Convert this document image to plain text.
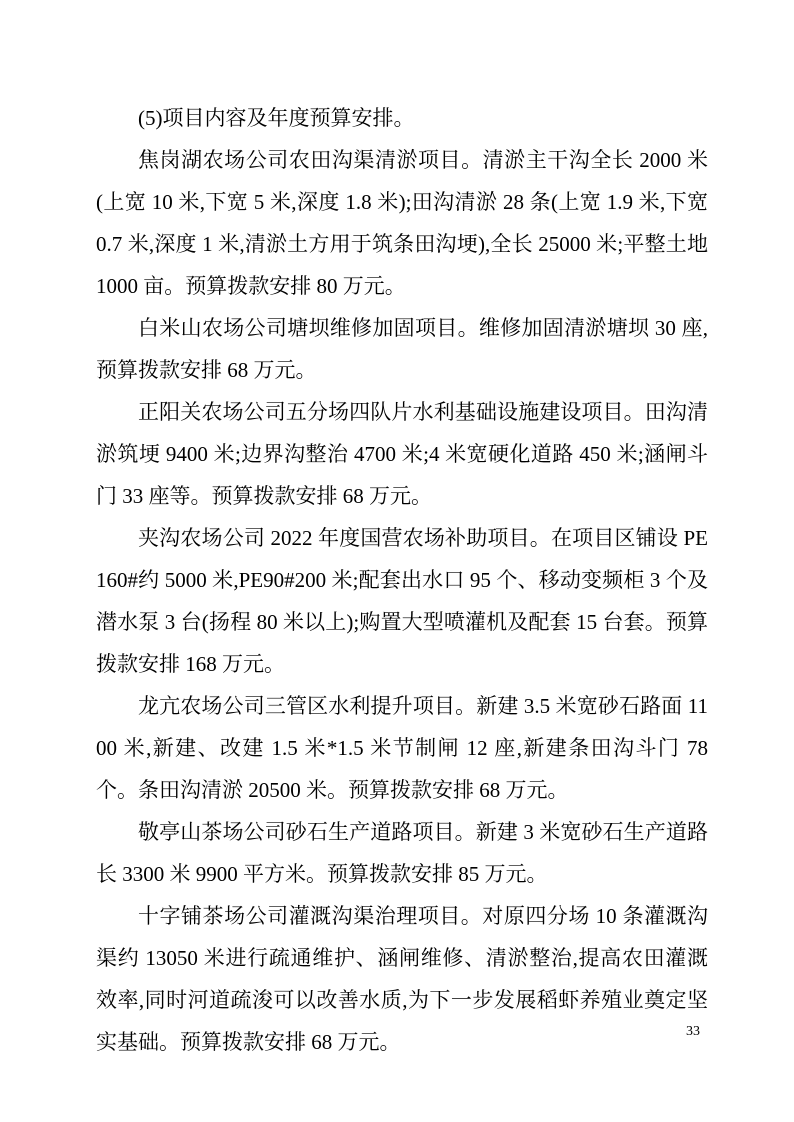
(5)项目内容及年度预算安排。

焦岗湖农场公司农田沟渠清淤项目。清淤主干沟全长 2000 米(上宽 10 米,下宽 5 米,深度 1.8 米);田沟清淤 28 条(上宽 1.9 米,下宽 0.7 米,深度 1 米,清淤土方用于筑条田沟埂),全长 25000 米;平整土地 1000 亩。预算拨款安排 80 万元。

白米山农场公司塘坝维修加固项目。维修加固清淤塘坝 30 座,预算拨款安排 68 万元。

正阳关农场公司五分场四队片水利基础设施建设项目。田沟清淤筑埂 9400 米;边界沟整治 4700 米;4 米宽硬化道路 450 米;涵闸斗门 33 座等。预算拨款安排 68 万元。

夹沟农场公司 2022 年度国营农场补助项目。在项目区铺设 PE160#约 5000 米,PE90#200 米;配套出水口 95 个、移动变频柜 3 个及潜水泵 3 台(扬程 80 米以上);购置大型喷灌机及配套 15 台套。预算拨款安排 168 万元。

龙亢农场公司三管区水利提升项目。新建 3.5 米宽砂石路面 1100 米,新建、改建 1.5 米*1.5 米节制闸 12 座,新建条田沟斗门 78 个。条田沟清淤 20500 米。预算拨款安排 68 万元。

敬亭山茶场公司砂石生产道路项目。新建 3 米宽砂石生产道路长 3300 米 9900 平方米。预算拨款安排 85 万元。

十字铺茶场公司灌溉沟渠治理项目。对原四分场 10 条灌溉沟渠约 13050 米进行疏通维护、涵闸维修、清淤整治,提高农田灌溉效率,同时河道疏浚可以改善水质,为下一步发展稻虾养殖业奠定坚实基础。预算拨款安排 68 万元。	33
